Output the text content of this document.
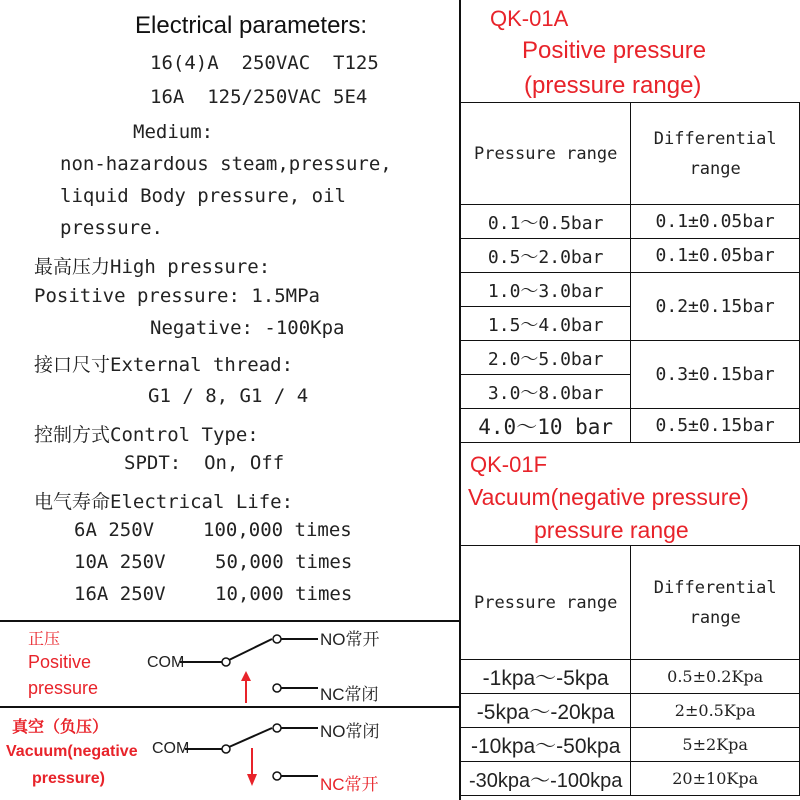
Electrical parameters:
16(4)A  250VAC  T125
16A  125/250VAC 5E4
Medium:
non-hazardous steam,pressure,
liquid Body pressure, oil
pressure.
最高压力High pressure:
Positive pressure: 1.5MPa
Negative: -100Kpa
接口尺寸External thread:
G1 / 8, G1 / 4
控制方式Control Type:
SPDT:  On, Off
电气寿命Electrical Life:
6A 250V	100,000 times
10A 250V	50,000 times
16A 250V	10,000 times
正压
Positive
pressure
COM
NO常开
NC常闭
真空（负压）
Vacuum(negative
pressure)
COM
NO常闭
NC常开
QK-01A
Positive pressure
(pressure range)
Pressure range	Differential
range

0.1～0.5bar	0.1±0.05bar
0.5～2.0bar	0.1±0.05bar
1.0～3.0bar	0.2±0.15bar
1.5～4.0bar	
2.0～5.0bar	0.3±0.15bar
3.0～8.0bar	
4.0～10 bar	0.5±0.15bar
QK-01F
Vacuum(negative pressure)
pressure range
Pressure range	Differential
range

-1kpa～-5kpa	0.5±0.2Kpa
-5kpa～-20kpa	2±0.5Kpa
-10kpa～-50kpa	5±2Kpa
-30kpa～-100kpa	20±10Kpa
